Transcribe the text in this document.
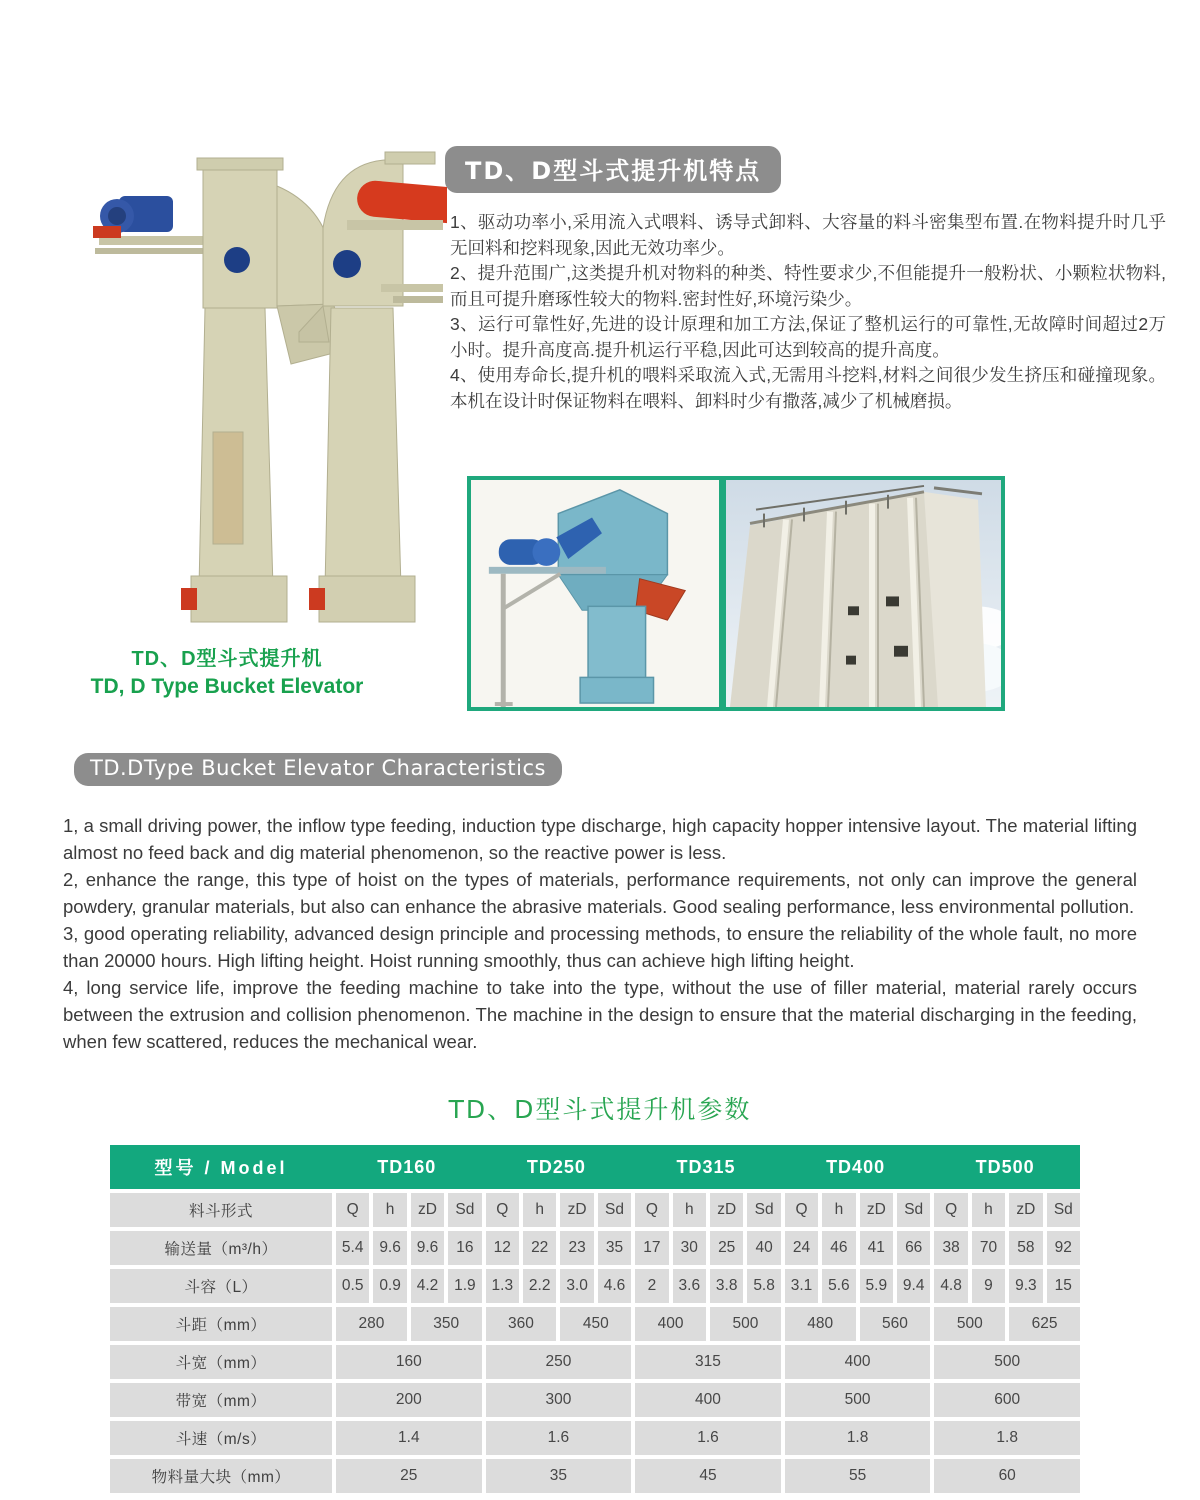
TD、D型斗式提升机特点

1、驱动功率小,采用流入式喂料、诱导式卸料、大容量的料斗密集型布置.在物料提升时几乎无回料和挖料现象,因此无效功率少。

2、提升范围广,这类提升机对物料的种类、特性要求少,不但能提升一般粉状、小颗粒状物料,而且可提升磨琢性较大的物料.密封性好,环境污染少。

3、运行可靠性好,先进的设计原理和加工方法,保证了整机运行的可靠性,无故障时间超过2万小时。提升高度高.提升机运行平稳,因此可达到较高的提升高度。

4、使用寿命长,提升机的喂料采取流入式,无需用斗挖料,材料之间很少发生挤压和碰撞现象。本机在设计时保证物料在喂料、卸料时少有撒落,减少了机械磨损。

TD、D型斗式提升机
TD, D Type Bucket Elevator
TD.DType Bucket Elevator Characteristics

1, a small driving power, the inflow type feeding, induction type discharge, high capacity hopper intensive layout. The material lifting almost no feed back and dig material phenomenon, so the reactive power is less.

2, enhance the range, this type of hoist on the types of materials, performance requirements, not only can improve the general powdery, granular materials, but also can enhance the abrasive materials. Good sealing performance, less environmental pollution.

3, good operating reliability, advanced design principle and processing methods, to ensure the reliability of the whole fault, no more than 20000 hours. High lifting height. Hoist running smoothly, thus can achieve high lifting height.

4, long service life, improve the feeding machine to take into the type, without the use of filler material, material rarely occurs between the extrusion and collision phenomenon. The machine in the design to ensure that the material discharging in the feeding, when few scattered, reduces the mechanical wear.

TD、D型斗式提升机参数
型号 / Model	TD160	TD250	TD315	TD400	TD500
料斗形式	Q	h	zD	Sd	Q	h	zD	Sd	Q	h	zD	Sd	Q	h	zD	Sd	Q	h	zD	Sd
输送量（m³/h）	5.4	9.6	9.6	16	12	22	23	35	17	30	25	40	24	46	41	66	38	70	58	92
斗容（L）	0.5	0.9	4.2	1.9	1.3	2.2	3.0	4.6	2	3.6	3.8	5.8	3.1	5.6	5.9	9.4	4.8	9	9.3	15
斗距（mm）	280	350	360	450	400	500	480	560	500	625
斗宽（mm）	160	250	315	400	500
带宽（mm）	200	300	400	500	600
斗速（m/s）	1.4	1.6	1.6	1.8	1.8
物料量大块（mm）	25	35	45	55	60
